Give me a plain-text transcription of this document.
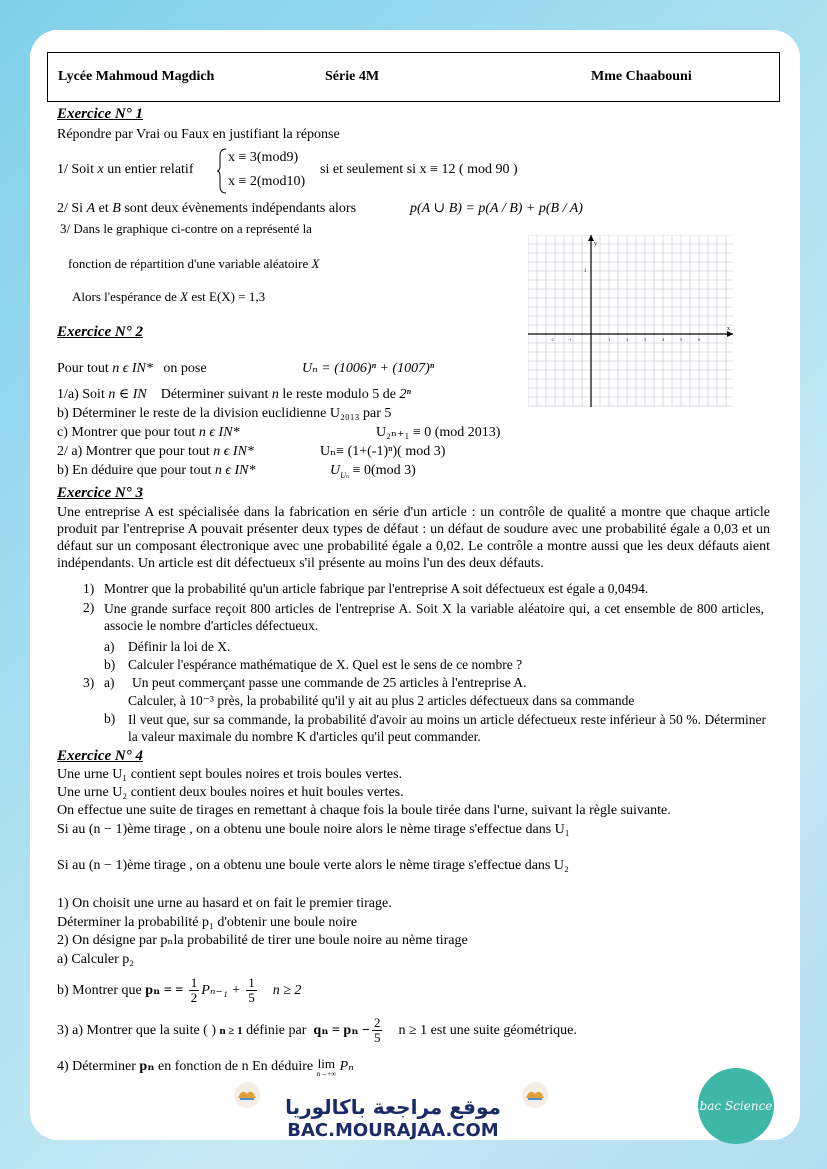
Lycée Mahmoud Magdich	Série 4M	Mme Chaabouni
Exercice N° 1
Répondre par Vrai ou Faux en justifiant la réponse
1/ Soit x un entier relatif
x ≡ 3(mod9)
x ≡ 2(mod10)
si et seulement si x ≡ 12 ( mod 90 )
2/ Si A et B sont deux évènements indépendants alors	p(A ∪ B) = p(A / B) + p(B / A)
3/ Dans le graphique ci-contre on a représenté la
fonction de répartition d'une variable aléatoire X
Alors l'espérance de X est E(X) = 1,3
y
x
1
-2	-1	1	2	3	4	5	6
Exercice N° 2
Pour tout n ϵ IN* on pose	Uₙ = (1006)ⁿ + (1007)ⁿ
1/a) Soit n ∈ IN Déterminer suivant n le reste modulo 5 de 2ⁿ
b) Déterminer le reste de la division euclidienne U₂₀₁₃ par 5
c) Montrer que pour tout n ϵ IN*	U₂ₙ₊₁ ≡ 0 (mod 2013)
2/ a) Montrer que pour tout n ϵ IN*	Uₙ≡ (1+(-1)ⁿ)( mod 3)
b) En déduire que pour tout n ϵ IN*	$U_{U_n} \equiv 0(mod$ 3)
Exercice N° 3
Une entreprise A est spécialisée dans la fabrication en série d'un article : un contrôle de qualité a montre que chaque article produit par l'entreprise A pouvait présenter deux types de défaut : un défaut de soudure avec une probabilité égale a 0,03 et un défaut sur un composant électronique avec une probabilité égale a 0,02. Le contrôle a montre aussi que les deux défauts aient indépendants. Un article est dit défectueux s'il présente au moins l'un des deux défauts.
1) Montrer que la probabilité qu'un article fabrique par l'entreprise A soit défectueux est égale a 0,0494.
2) Une grande surface reçoit 800 articles de l'entreprise A. Soit X la variable aléatoire qui, a cet ensemble de 800 articles, associe le nombre d'articles défectueux.
a) Définir la loi de X.
b) Calculer l'espérance mathématique de X. Quel est le sens de ce nombre ?
3) a) Un peut commerçant passe une commande de 25 articles à l'entreprise A.
Calculer, à 10⁻³ près, la probabilité qu'il y ait au plus 2 articles défectueux dans sa commande
b) Il veut que, sur sa commande, la probabilité d'avoir au moins un article défectueux reste inférieur à 50 %. Déterminer la valeur maximale du nombre K d'articles qu'il peut commander.
Exercice N° 4
Une urne U₁ contient sept boules noires et trois boules vertes.
Une urne U₂ contient deux boules noires et huit boules vertes.
On effectue une suite de tirages en remettant à chaque fois la boule tirée dans l'urne, suivant la règle suivante.
Si au (n − 1)ème tirage , on a obtenu une boule noire alors le nème tirage s'effectue dans U₁
Si au (n − 1)ème tirage , on a obtenu une boule verte alors le nème tirage s'effectue dans U₂
1) On choisit une urne au hasard et on fait le premier tirage.
Déterminer la probabilité p₁ d'obtenir une boule noire
2) On désigne par pₙla probabilité de tirer une boule noire au nème tirage
a) Calculer p₂
b) Montrer que pₙ = = $\frac{1}{2} P_{n-1} + \frac{1}{5}$ n ≥ 2
3) a) Montrer que la suite ( ) n ≥ 1 définie par $q_n = p_n - \frac{2}{5}$ n ≥ 1 est une suite géométrique.
4) Déterminer pₙ en fonction de n En déduire lim
n→+∞ Pₙ
موقع مراجعة باكالوريا
BAC.MOURAJAA.COM
bac Science
